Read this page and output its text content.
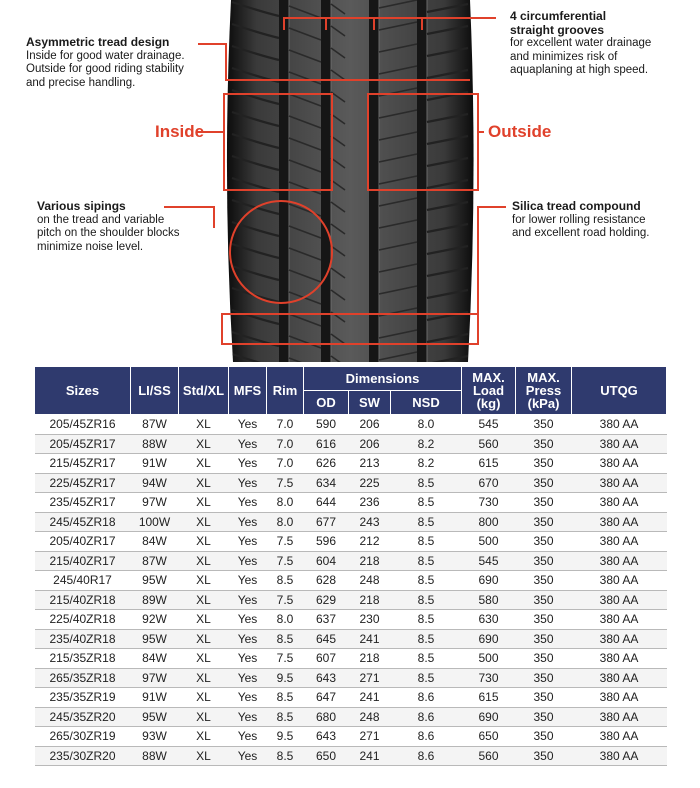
Inside	Outside
Asymmetric tread design
Inside for good water drainage.
Outside for good riding stability
and precise handling.
4 circumferential
straight grooves
for excellent water drainage
and minimizes risk of
aquaplaning at high speed.
Various sipings
on the tread and variable
pitch on the shoulder blocks
minimize noise level.
Silica tread compound
for lower rolling resistance
and excellent road holding.
Sizes	LI/SS	Std/XL	MFS	Rim	Dimensions			MAX. Load (kg)	MAX. Press (kPa)	UTQG
					OD	SW	NSD			
205/45ZR16	87W	XL	Yes	7.0	590	206	8.0	545	350	380 AA
205/45ZR17	88W	XL	Yes	7.0	616	206	8.2	560	350	380 AA
215/45ZR17	91W	XL	Yes	7.0	626	213	8.2	615	350	380 AA
225/45ZR17	94W	XL	Yes	7.5	634	225	8.5	670	350	380 AA
235/45ZR17	97W	XL	Yes	8.0	644	236	8.5	730	350	380 AA
245/45ZR18	100W	XL	Yes	8.0	677	243	8.5	800	350	380 AA
205/40ZR17	84W	XL	Yes	7.5	596	212	8.5	500	350	380 AA
215/40ZR17	87W	XL	Yes	7.5	604	218	8.5	545	350	380 AA
245/40R17	95W	XL	Yes	8.5	628	248	8.5	690	350	380 AA
215/40ZR18	89W	XL	Yes	7.5	629	218	8.5	580	350	380 AA
225/40ZR18	92W	XL	Yes	8.0	637	230	8.5	630	350	380 AA
235/40ZR18	95W	XL	Yes	8.5	645	241	8.5	690	350	380 AA
215/35ZR18	84W	XL	Yes	7.5	607	218	8.5	500	350	380 AA
265/35ZR18	97W	XL	Yes	9.5	643	271	8.5	730	350	380 AA
235/35ZR19	91W	XL	Yes	8.5	647	241	8.6	615	350	380 AA
245/35ZR20	95W	XL	Yes	8.5	680	248	8.6	690	350	380 AA
265/30ZR19	93W	XL	Yes	9.5	643	271	8.6	650	350	380 AA
235/30ZR20	88W	XL	Yes	8.5	650	241	8.6	560	350	380 AA
